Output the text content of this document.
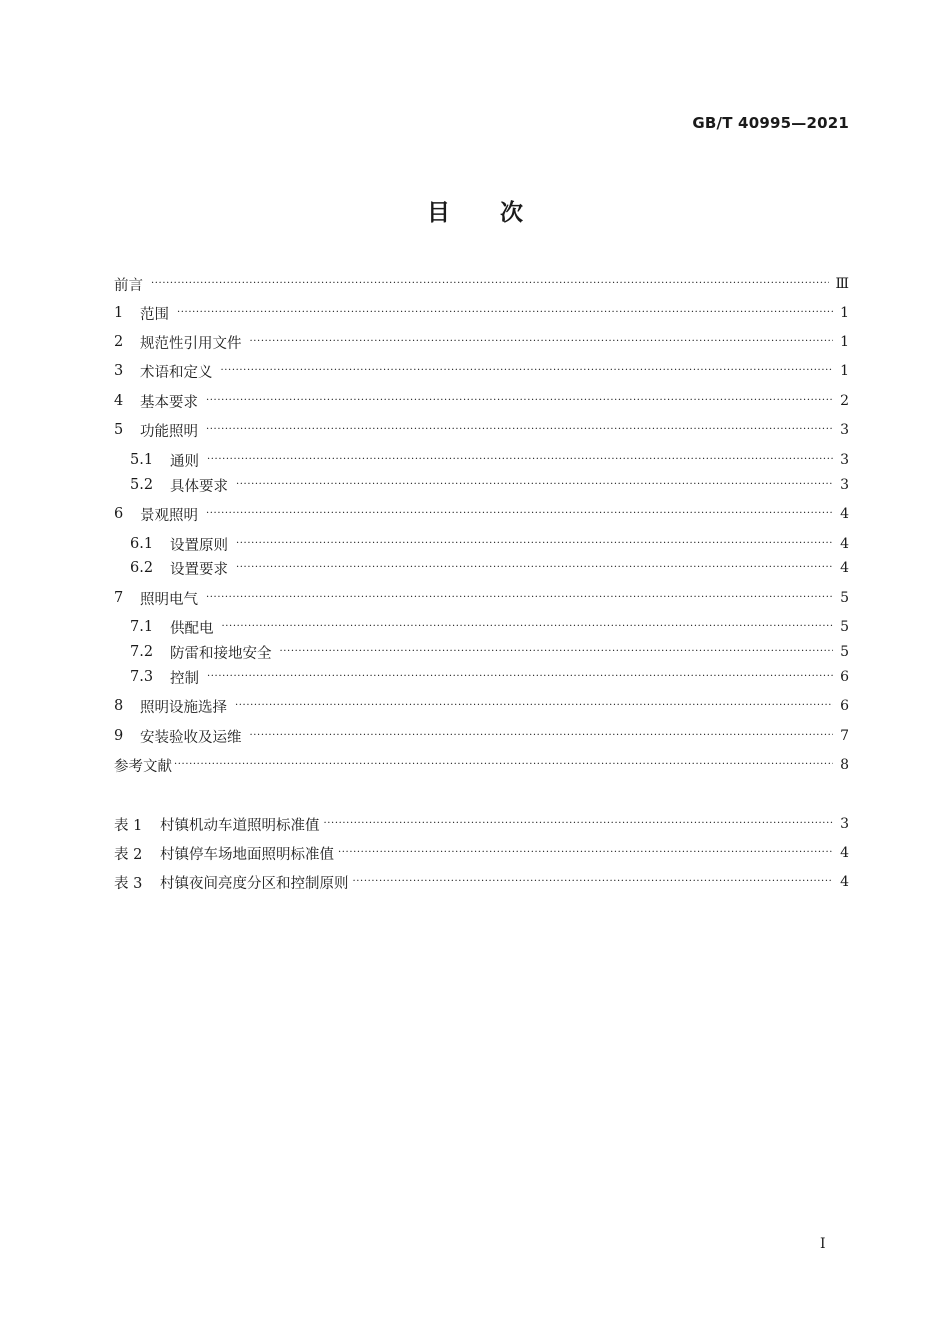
GB/T 40995—2021
目 次
前言 ·····	Ⅲ
1	范围 ·····	1
2	规范性引用文件 ·····	1
3	术语和定义 ·····	1
4	基本要求 ·····	2
5	功能照明 ·····	3
5.1	通则 ·····	3
5.2	具体要求 ·····	3
6	景观照明 ·····	4
6.1	设置原则 ·····	4
6.2	设置要求 ·····	4
7	照明电气 ·····	5
7.1	供配电 ·····	5
7.2	防雷和接地安全 ·····	5
7.3	控制 ·····	6
8	照明设施选择 ·····	6
9	安装验收及运维 ·····	7
参考文献 ·····	8
表 1	村镇机动车道照明标准值 ·····	3
表 2	村镇停车场地面照明标准值 ·····	4
表 3	村镇夜间亮度分区和控制原则 ·····	4
I
